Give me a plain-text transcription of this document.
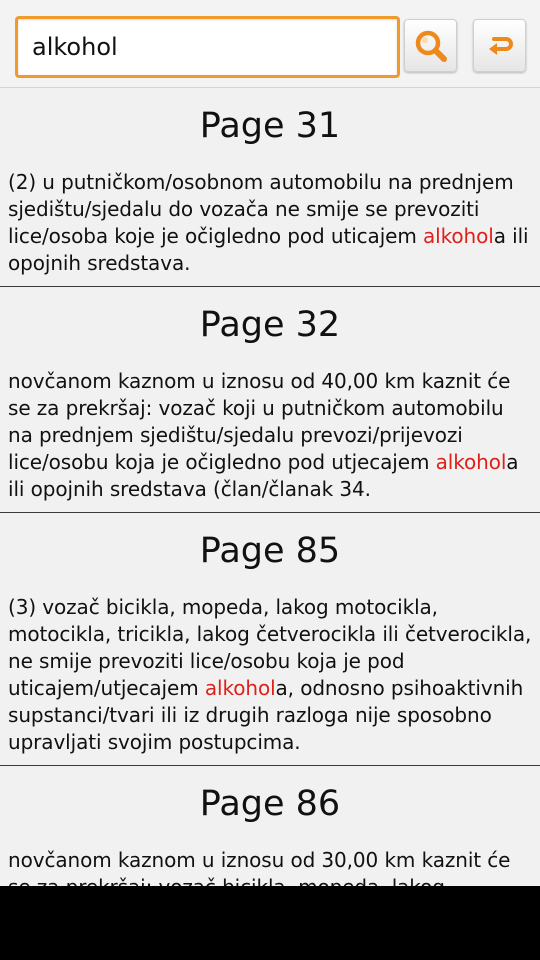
alkohol
Page 31
(2) u putničkom/osobnom automobilu na prednjem sjedištu/sjedalu do vozača ne smije se prevoziti lice/osoba koje je očigledno pod uticajem alkohola ili opojnih sredstava.
Page 32
novčanom kaznom u iznosu od 40,00 km kaznit će se za prekršaj: vozač koji u putničkom automobilu na prednjem sjedištu/sjedalu prevozi/prijevozi lice/osobu koja je očigledno pod utjecajem alkohola ili opojnih sredstava (član/članak 34.
Page 85
(3) vozač bicikla, mopeda, lakog motocikla, motocikla, tricikla, lakog četverocikla ili četverocikla, ne smije prevoziti lice/osobu koja je pod uticajem/utjecajem alkohola, odnosno psihoaktivnih supstanci/tvari ili iz drugih razloga nije sposobno upravljati svojim postupcima.
Page 86
novčanom kaznom u iznosu od 30,00 km kaznit će
